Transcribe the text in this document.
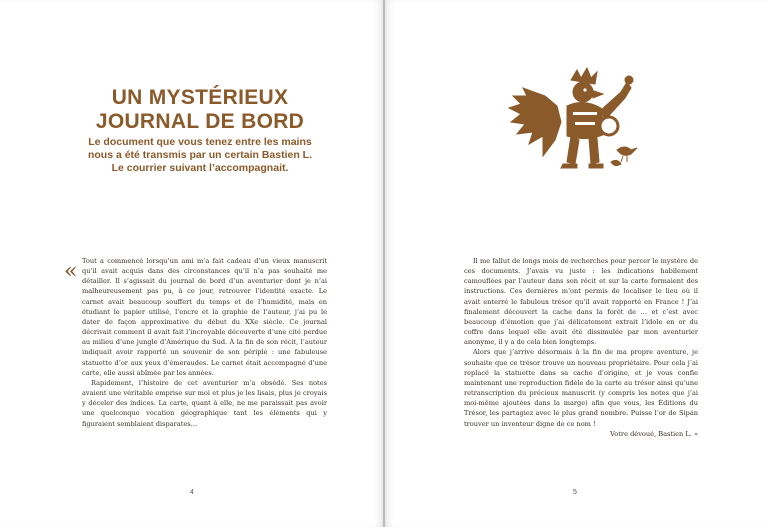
UN MYSTÉRIEUX
JOURNAL DE BORD

Le document que vous tenez entre les mains
nous a été transmis par un certain Bastien L.
Le courrier suivant l’accompagnait.

« Tout a commencé lorsqu’un ami m’a fait cadeau d’un vieux manuscrit qu’il avait acquis dans des circonstances qu’il n’a pas souhaité me détailler. Il s’agissait du journal de bord d’un aventurier dont je n’ai malheureusement pas pu, à ce jour, retrouver l’identité exacte. Le carnet avait beaucoup souffert du temps et de l’humidité, mais en étudiant le papier utilisé, l’encre et la graphie de l’auteur, j’ai pu le dater de façon approximative du début du XXe siècle. Ce journal décrivait comment il avait fait l’incroyable découverte d’une cité perdue au milieu d’une jungle d’Amérique du Sud. À la fin de son récit, l’auteur indiquait avoir rapporté un souvenir de son périple : une fabuleuse statuette d’or aux yeux d’émeraudes. Le carnet était accompagné d’une carte, elle aussi abîmée par les années.

Rapidement, l’histoire de cet aventurier m’a obsédé. Ses notes avaient une véritable emprise sur moi et plus je les lisais, plus je croyais y déceler des indices. La carte, quant à elle, ne me paraissait pas avoir une quelconque vocation géographique tant les éléments qui y figuraient semblaient disparates…

4

Il me fallut de longs mois de recherches pour percer le mystère de ces documents. J’avais vu juste : les indications habilement camouflées par l’auteur dans son récit et sur la carte formaient des instructions. Ces dernières m’ont permis de localiser le lieu où il avait enterré le fabuleux trésor qu’il avait rapporté en France ! J’ai finalement découvert la cache dans la forêt de … et c’est avec beaucoup d’émotion que j’ai délicatement extrait l’idole en or du coffre dans lequel elle avait été dissimulée par mon aventurier anonyme, il y a de cela bien longtemps.

Alors que j’arrive désormais à la fin de ma propre aventure, je souhaite que ce trésor trouve un nouveau propriétaire. Pour cela j’ai replacé la statuette dans sa cache d’origine, et je vous confie maintenant une reproduction fidèle de la carte au trésor ainsi qu’une retranscription du précieux manuscrit (y compris les notes que j’ai moi-même ajoutées dans la marge) afin que vous, les Éditions du Trésor, les partagiez avec le plus grand nombre. Puisse l’or de Sipán trouver un inventeur digne de ce nom !

Votre dévoué, Bastien L. »

5
